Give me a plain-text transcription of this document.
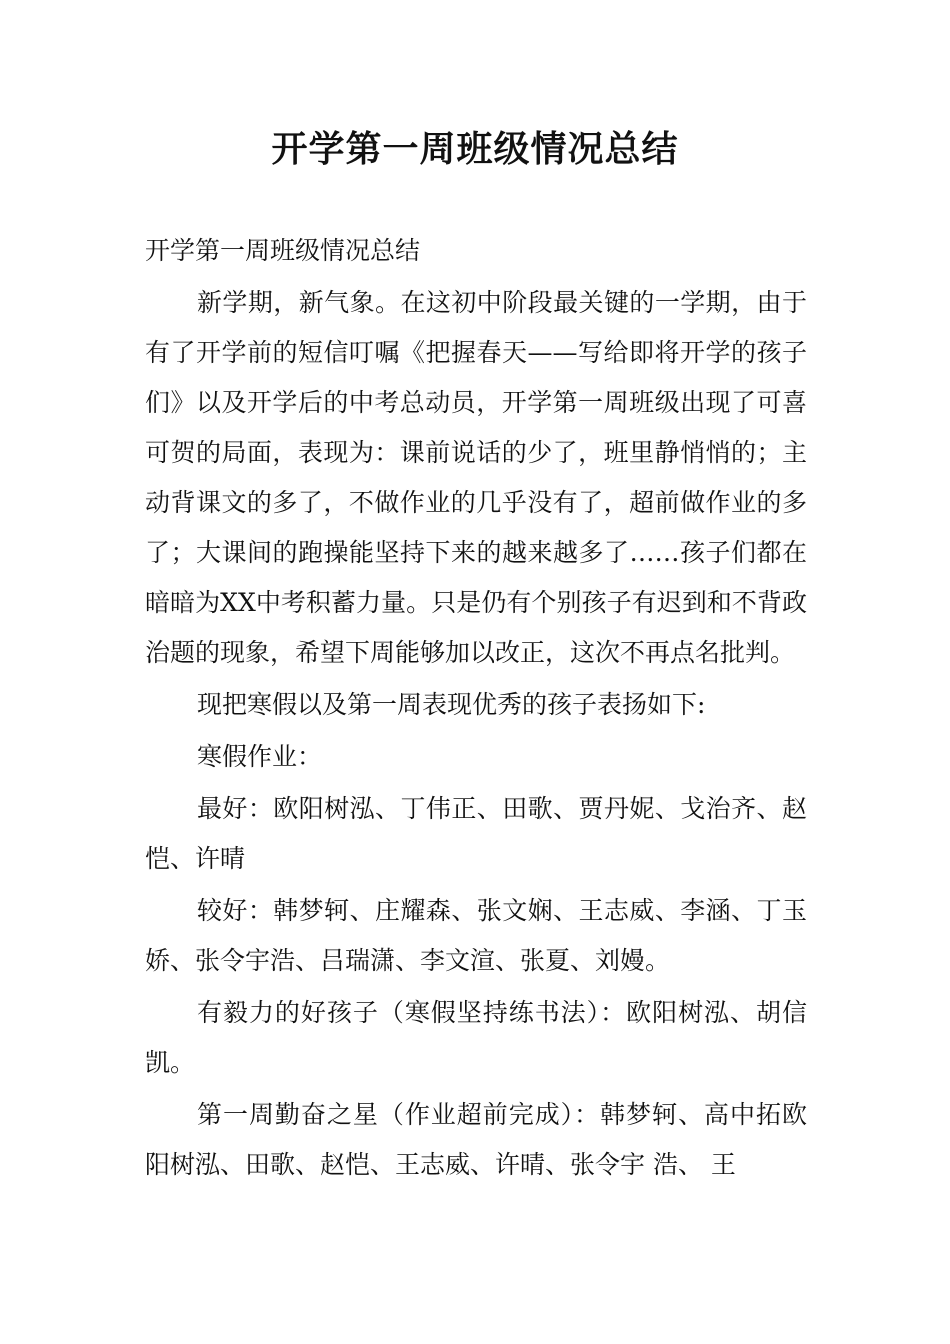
开学第一周班级情况总结

开学第一周班级情况总结

新学期，新气象。在这初中阶段最关键的一学期，由于有了开学前的短信叮嘱《把握春天——写给即将开学的孩子们》以及开学后的中考总动员，开学第一周班级出现了可喜可贺的局面，表现为：课前说话的少了，班里静悄悄的；主动背课文的多了，不做作业的几乎没有了，超前做作业的多了；大课间的跑操能坚持下来的越来越多了……孩子们都在暗暗为XX中考积蓄力量。只是仍有个别孩子有迟到和不背政治题的现象，希望下周能够加以改正，这次不再点名批判。

现把寒假以及第一周表现优秀的孩子表扬如下:

寒假作业：

最好：欧阳树泓、丁伟正、田歌、贾丹妮、戈治齐、赵恺、许晴

较好：韩梦轲、庄耀森、张文娴、王志威、李涵、丁玉娇、张令宇浩、吕瑞潇、李文渲、张夏、刘嫚。

有毅力的好孩子（寒假坚持练书法）：欧阳树泓、胡信凯。

第一周勤奋之星（作业超前完成）：韩梦轲、高中拓欧阳树泓、田歌、赵恺、王志威、许晴、张令宇 浩、 王
